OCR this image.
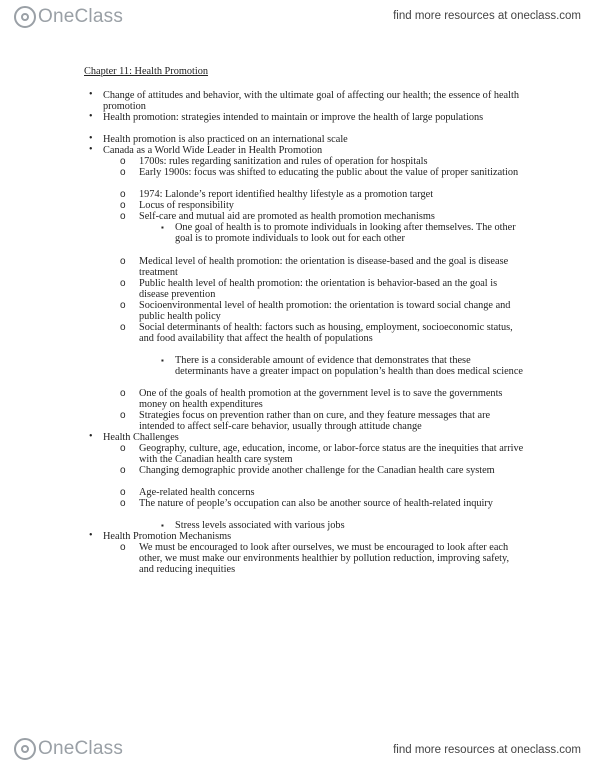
OneClass	find more resources at oneclass.com
Chapter 11: Health Promotion
• Change of attitudes and behavior, with the ultimate goal of affecting our health; the essence of health promotion
• Health promotion: strategies intended to maintain or improve the health of large populations
• Health promotion is also practiced on an international scale
• Canada as a World Wide Leader in Health Promotion
o 1700s: rules regarding sanitization and rules of operation for hospitals
o Early 1900s: focus was shifted to educating the public about the value of proper sanitization
o 1974: Lalonde’s report identified healthy lifestyle as a promotion target
o Locus of responsibility
o Self-care and mutual aid are promoted as health promotion mechanisms
▪ One goal of health is to promote individuals in looking after themselves. The other goal is to promote individuals to look out for each other
o Medical level of health promotion: the orientation is disease-based and the goal is disease treatment
o Public health level of health promotion: the orientation is behavior-based an the goal is disease prevention
o Socioenvironmental level of health promotion: the orientation is toward social change and public health policy
o Social determinants of health: factors such as housing, employment, socioeconomic status, and food availability that affect the health of populations
▪ There is a considerable amount of evidence that demonstrates that these determinants have a greater impact on population’s health than does medical science
o One of the goals of health promotion at the government level is to save the governments money on health expenditures
o Strategies focus on prevention rather than on cure, and they feature messages that are intended to affect self-care behavior, usually through attitude change
• Health Challenges
o Geography, culture, age, education, income, or labor-force status are the inequities that arrive with the Canadian health care system
o Changing demographic provide another challenge for the Canadian health care system
o Age-related health concerns
o The nature of people’s occupation can also be another source of health-related inquiry
▪ Stress levels associated with various jobs
• Health Promotion Mechanisms
o We must be encouraged to look after ourselves, we must be encouraged to look after each other, we must make our environments healthier by pollution reduction, improving safety, and reducing inequities
OneClass	find more resources at oneclass.com
